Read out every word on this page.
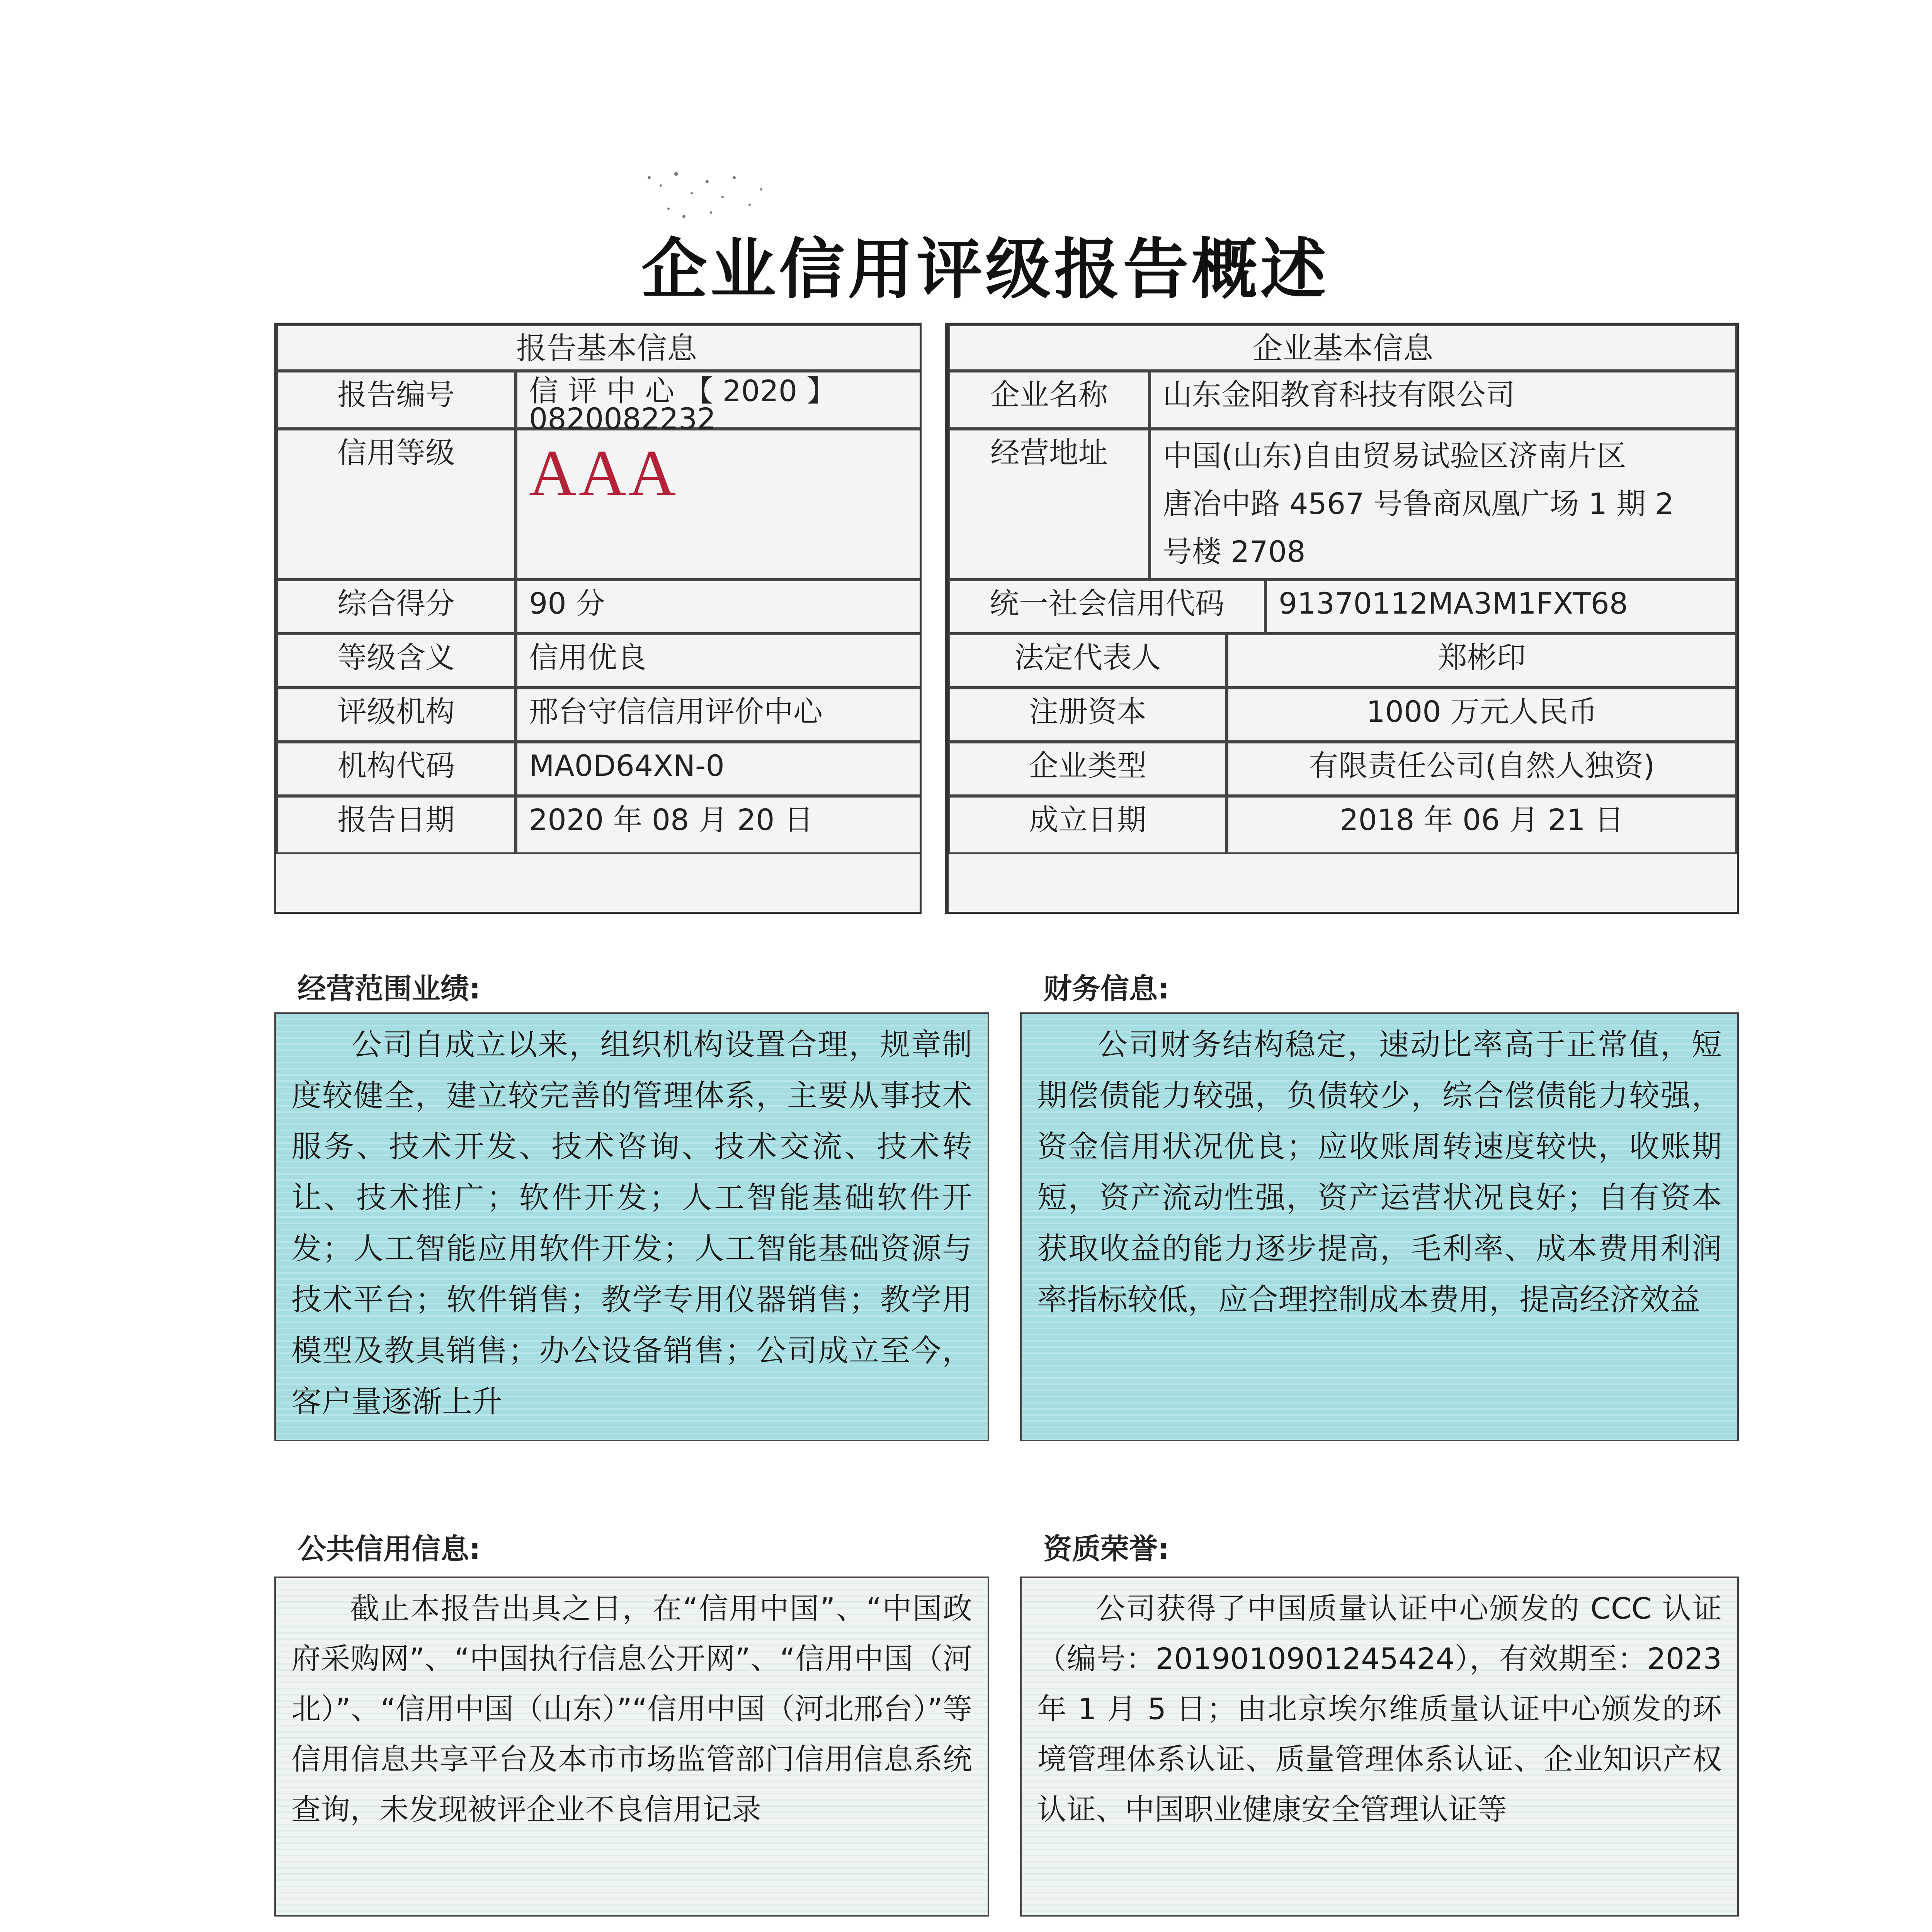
企业信用评级报告概述
报告基本信息
报告编号	信 评 中 心 【 2020 】
0820082232
信用等级	AAA
综合得分	90 分
等级含义	信用优良
评级机构	邢台守信信用评价中心
机构代码	MA0D64XN-0
报告日期	2020 年 08 月 20 日
企业基本信息
企业名称	山东金阳教育科技有限公司
经营地址	中国(山东)自由贸易试验区济南片区
唐冶中路 4567 号鲁商凤凰广场 1 期 2
号楼 2708
统一社会信用代码	91370112MA3M1FXT68
法定代表人	郑彬印
注册资本	1000 万元人民币
企业类型	有限责任公司(自然人独资)
成立日期	2018 年 06 月 21 日
经营范围业绩:
公司自成立以来，组织机构设置合理，规章制度较健全，建立较完善的管理体系，主要从事技术服务、技术开发、技术咨询、技术交流、技术转让、技术推广；软件开发；人工智能基础软件开发；人工智能应用软件开发；人工智能基础资源与技术平台；软件销售；教学专用仪器销售；教学用模型及教具销售；办公设备销售；公司成立至今，客户量逐渐上升
财务信息:
公司财务结构稳定，速动比率高于正常值，短期偿债能力较强，负债较少，综合偿债能力较强，资金信用状况优良；应收账周转速度较快，收账期短，资产流动性强，资产运营状况良好；自有资本获取收益的能力逐步提高，毛利率、成本费用利润率指标较低，应合理控制成本费用，提高经济效益
公共信用信息:
截止本报告出具之日，在“信用中国”、“中国政府采购网”、“中国执行信息公开网”、“信用中国（河北）”、“信用中国（山东）”“信用中国（河北邢台）”等信用信息共享平台及本市市场监管部门信用信息系统查询，未发现被评企业不良信用记录
资质荣誉:
公司获得了中国质量认证中心颁发的 CCC 认证（编号：2019010901245424），有效期至：2023 年 1 月 5 日；由北京埃尔维质量认证中心颁发的环境管理体系认证、质量管理体系认证、企业知识产权认证、中国职业健康安全管理认证等
